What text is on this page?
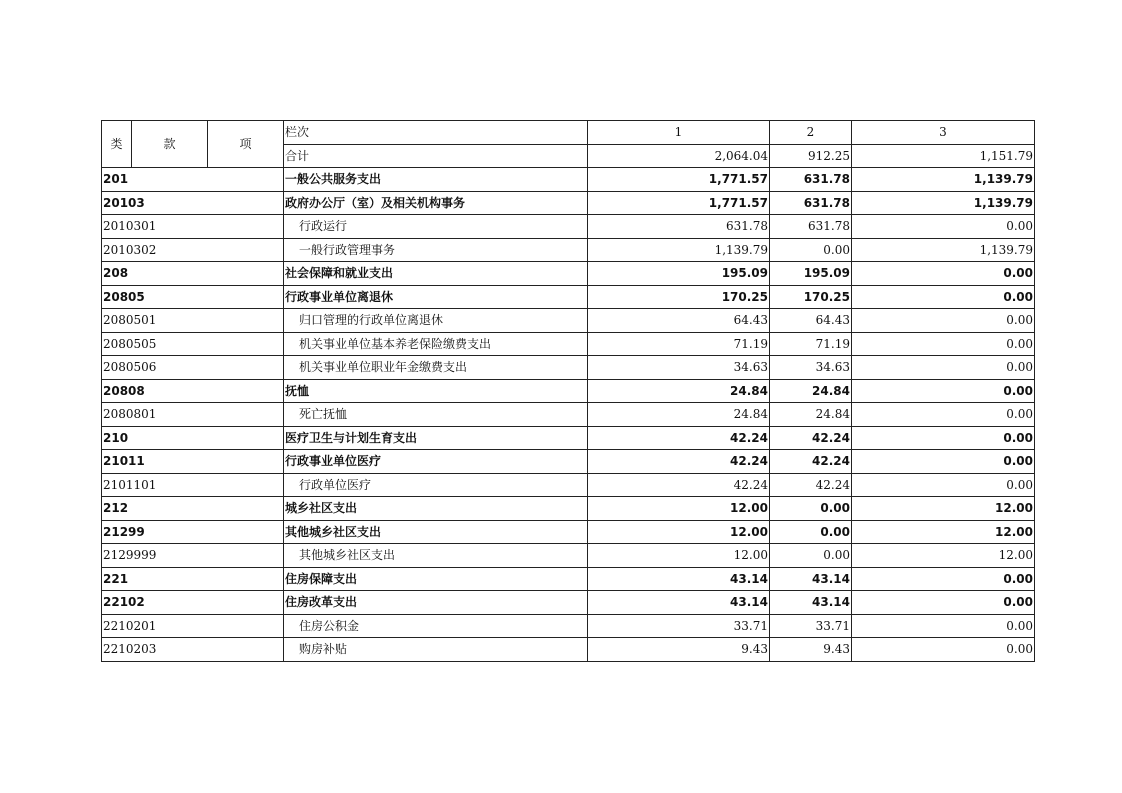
类	款	项	栏次	1	2	3
			合计	2,064.04	912.25	1,151.79
201			一般公共服务支出	1,771.57	631.78	1,139.79
20103			政府办公厅（室）及相关机构事务	1,771.57	631.78	1,139.79
2010301			行政运行	631.78	631.78	0.00
2010302			一般行政管理事务	1,139.79	0.00	1,139.79
208			社会保障和就业支出	195.09	195.09	0.00
20805			行政事业单位离退休	170.25	170.25	0.00
2080501			归口管理的行政单位离退休	64.43	64.43	0.00
2080505			机关事业单位基本养老保险缴费支出	71.19	71.19	0.00
2080506			机关事业单位职业年金缴费支出	34.63	34.63	0.00
20808			抚恤	24.84	24.84	0.00
2080801			死亡抚恤	24.84	24.84	0.00
210			医疗卫生与计划生育支出	42.24	42.24	0.00
21011			行政事业单位医疗	42.24	42.24	0.00
2101101			行政单位医疗	42.24	42.24	0.00
212			城乡社区支出	12.00	0.00	12.00
21299			其他城乡社区支出	12.00	0.00	12.00
2129999			其他城乡社区支出	12.00	0.00	12.00
221			住房保障支出	43.14	43.14	0.00
22102			住房改革支出	43.14	43.14	0.00
2210201			住房公积金	33.71	33.71	0.00
2210203			购房补贴	9.43	9.43	0.00
